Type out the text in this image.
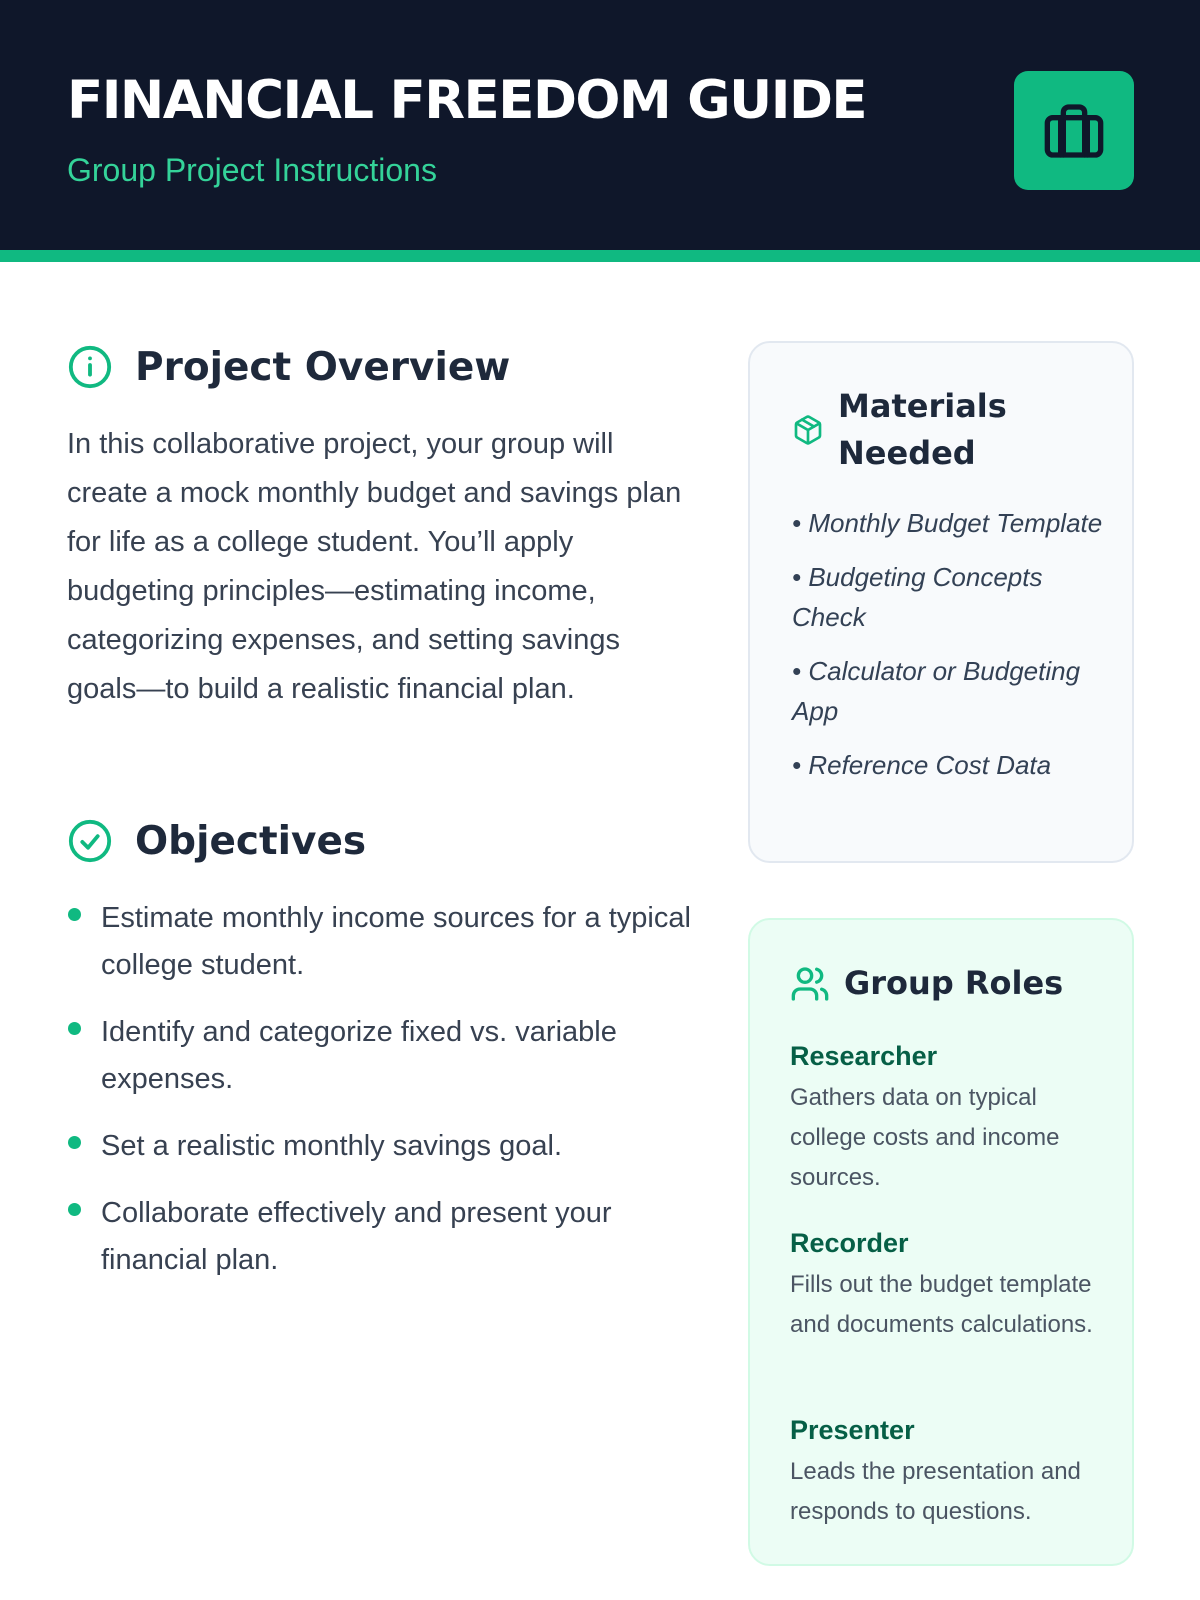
FINANCIAL FREEDOM GUIDE
Group Project Instructions
Project Overview

In this collaborative project, your group will create a mock monthly budget and savings plan for life as a college student. You’ll apply budgeting principles—estimating income, categorizing expenses, and setting savings goals—to build a realistic financial plan.

Objectives
Estimate monthly income sources for a typical college student.
Identify and categorize fixed vs. variable expenses.
Set a realistic monthly savings goal.
Collaborate effectively and present your financial plan.
Materials Needed
• Monthly Budget Template
• Budgeting Concepts Check
• Calculator or Budgeting App
• Reference Cost Data
Group Roles
Researcher
Gathers data on typical college costs and income sources.
Recorder
Fills out the budget template and documents calculations.
Presenter
Leads the presentation and responds to questions.
